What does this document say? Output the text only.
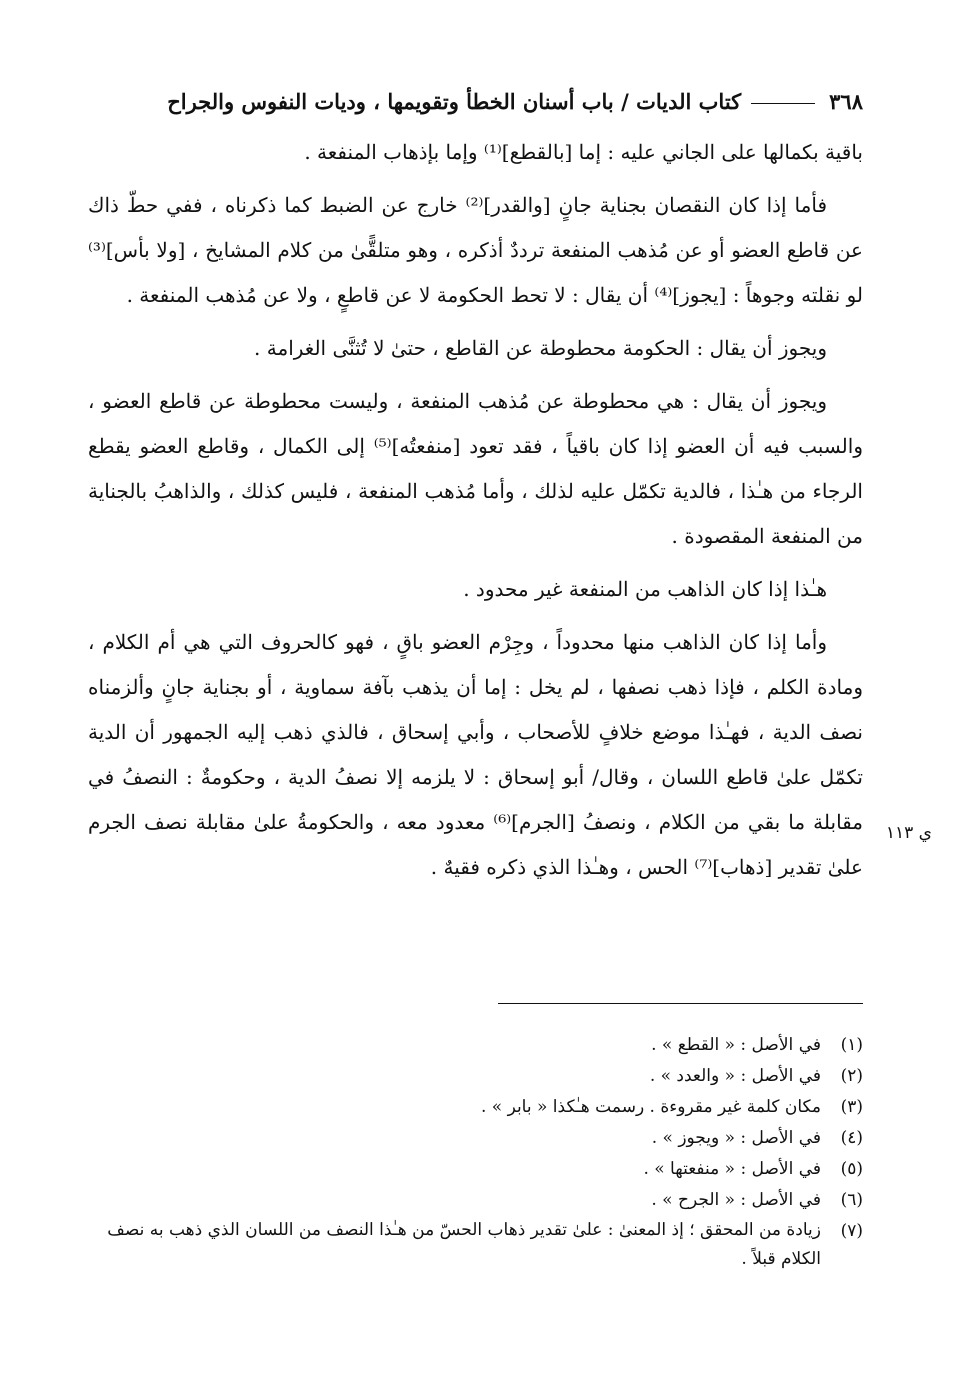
٣٦٨
كتاب الديات / باب أسنان الخطأ وتقويمها ، وديات النفوس والجراح

باقية بكمالها على الجاني عليه : إما [بالقطع]⁽¹⁾ وإما بإذهاب المنفعة .

فأما إذا كان النقصان بجناية جانٍ [والقدر]⁽²⁾ خارج عن الضبط كما ذكرناه ، ففي حطّ ذاك عن قاطع العضو أو عن مُذهب المنفعة ترددٌ أذكره ، وهو متلقًّىٰ من كلام المشايخ ، [ولا بأس]⁽³⁾ لو نقلته وجوهاً : [يجوز]⁽⁴⁾ أن يقال : لا تحط الحكومة لا عن قاطعٍ ، ولا عن مُذهب المنفعة .

ويجوز أن يقال : الحكومة محطوطة عن القاطع ، حتىٰ لا تُثنَّى الغرامة .

ويجوز أن يقال : هي محطوطة عن مُذهب المنفعة ، وليست محطوطة عن قاطع العضو ، والسبب فيه أن العضو إذا كان باقياً ، فقد تعود [منفعتُه]⁽⁵⁾ إلى الكمال ، وقاطع العضو يقطع الرجاء من هـٰذا ، فالدية تكمّل عليه لذلك ، وأما مُذهب المنفعة ، فليس كذلك ، والذاهبُ بالجناية من المنفعة المقصودة .

هـٰذا إذا كان الذاهب من المنفعة غير محدود .

وأما إذا كان الذاهب منها محدوداً ، وجِرْم العضو باقٍ ، فهو كالحروف التي هي أم الكلام ، ومادة الكلم ، فإذا ذهب نصفها ، لم يخل : إما أن يذهب بآفة سماوية ، أو بجناية جانٍ وألزمناه نصف الدية ، فهـٰذا موضع خلافٍ للأصحاب ، وأبي إسحاق ، فالذي ذهب إليه الجمهور أن الدية تكمّل علىٰ قاطع اللسان ، وقال/ أبو إسحاق : لا يلزمه إلا نصفُ الدية ، وحكومةٌ : النصفُ في مقابلة ما بقي من الكلام ، ونصفُ [الجرم]⁽⁶⁾ معدود معه ، والحكومةُ علىٰ مقابلة نصف الجرم علىٰ تقدير [ذهاب]⁽⁷⁾ الحس ، وهـٰذا الذي ذكره فقيهٌ .

ي ١١٣
(١)
في الأصل : « القطع » .
(٢)
في الأصل : « والعدد » .
(٣)
مكان كلمة غير مقروءة . رسمت هـٰكذا « بابر » .
(٤)
في الأصل : « ويجوز » .
(٥)
في الأصل : « منفعتها » .
(٦)
في الأصل : « الجرح » .
(٧)
زيادة من المحقق ؛ إذ المعنىٰ : علىٰ تقدير ذهاب الحسّ من هـٰذا النصف من اللسان الذي ذهب به نصف الكلام قبلاً .
